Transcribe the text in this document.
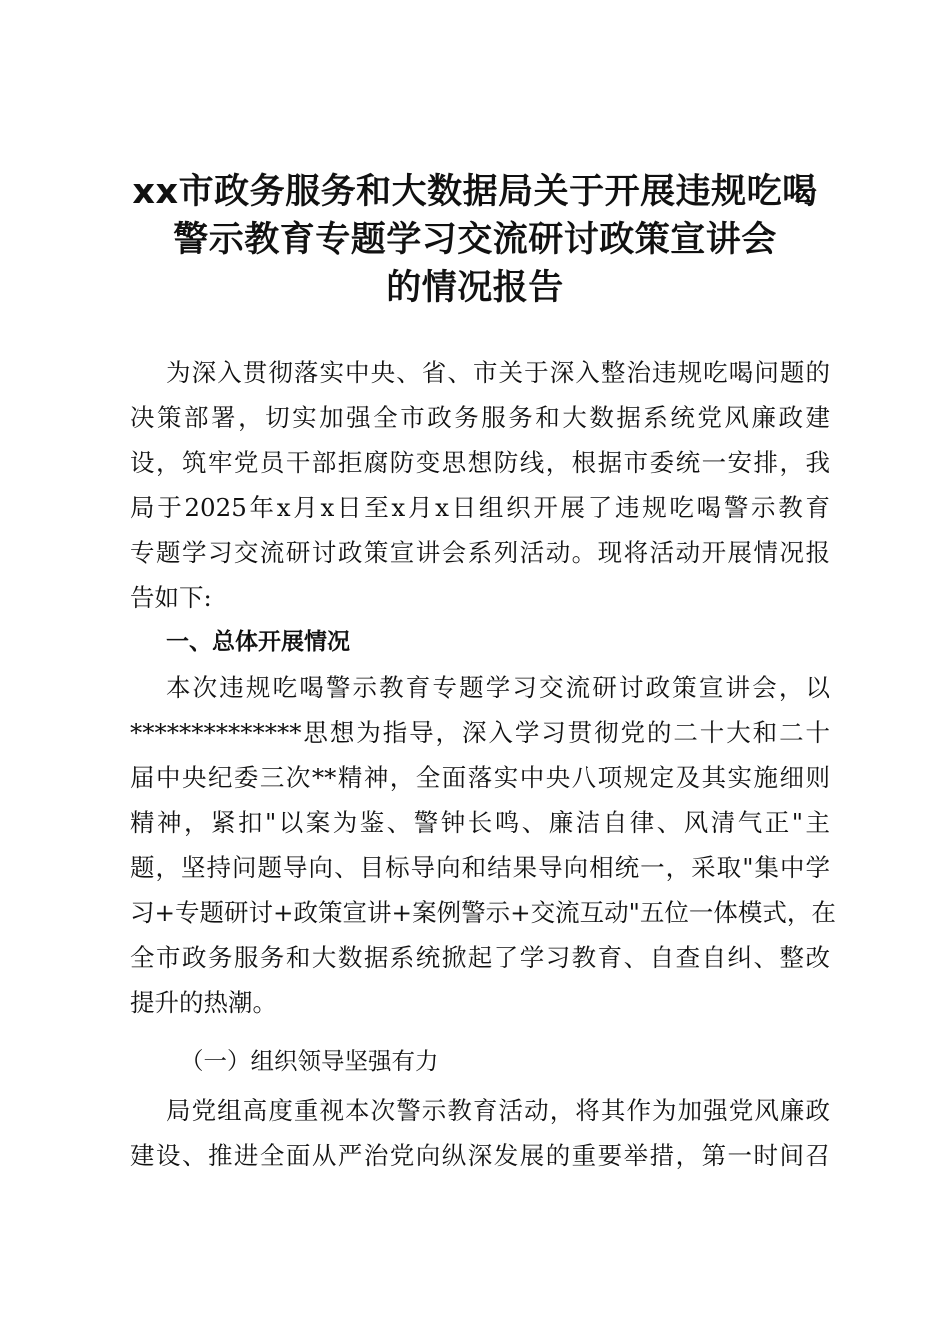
xx市政务服务和大数据局关于开展违规吃喝
警示教育专题学习交流研讨政策宣讲会
的情况报告
为深入贯彻落实中央、省、市关于深入整治违规吃喝问题的
决策部署，切实加强全市政务服务和大数据系统党风廉政建
设，筑牢党员干部拒腐防变思想防线，根据市委统一安排，我
局于2025年x月x日至x月x日组织开展了违规吃喝警示教育
专题学习交流研讨政策宣讲会系列活动。现将活动开展情况报
告如下:
一、总体开展情况
本次违规吃喝警示教育专题学习交流研讨政策宣讲会，以
**************思想为指导，深入学习贯彻党的二十大和二十
届中央纪委三次**精神，全面落实中央八项规定及其实施细则
精神，紧扣"以案为鉴、警钟长鸣、廉洁自律、风清气正"主
题，坚持问题导向、目标导向和结果导向相统一，采取"集中学
习+专题研讨+政策宣讲+案例警示+交流互动"五位一体模式，在
全市政务服务和大数据系统掀起了学习教育、自查自纠、整改
提升的热潮。
（一）组织领导坚强有力
局党组高度重视本次警示教育活动，将其作为加强党风廉政
建设、推进全面从严治党向纵深发展的重要举措，第一时间召
